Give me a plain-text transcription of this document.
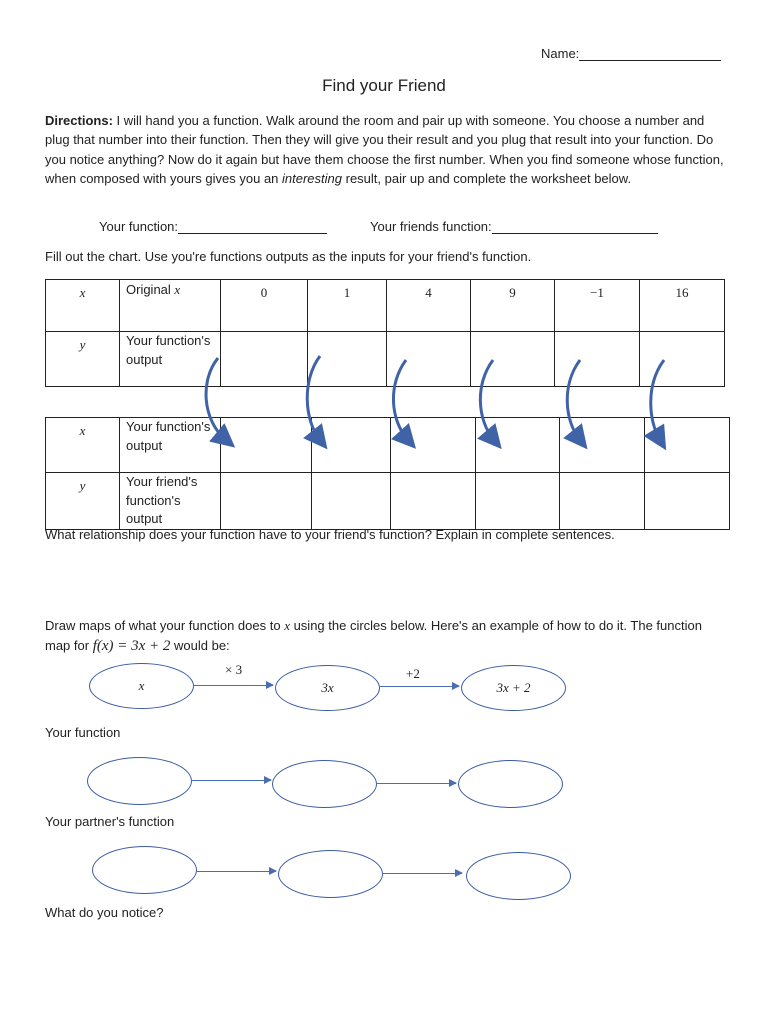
Name:
Find your Friend
Directions: I will hand you a function. Walk around the room and pair up with someone. You choose a number and plug that number into their function. Then they will give you their result and you plug that result into your function. Do you notice anything? Now do it again but have them choose the first number. When you find someone whose function, when composed with yours gives you an interesting result, pair up and complete the worksheet below.
Your function:	Your friends function:
Fill out the chart. Use you're functions outputs as the inputs for your friend's function.
x	Original x	0	1	4	9	−1	16
y	Your function's output						
x	Your function's output						
y	Your friend's function's output						
What relationship does your function have to your friend's function? Explain in complete sentences.
Draw maps of what your function does to x using the circles below. Here's an example of how to do it. The function map for f(x) = 3x + 2 would be:
x
× 3
3x
+2
3x + 2
Your function
Your partner's function
What do you notice?
